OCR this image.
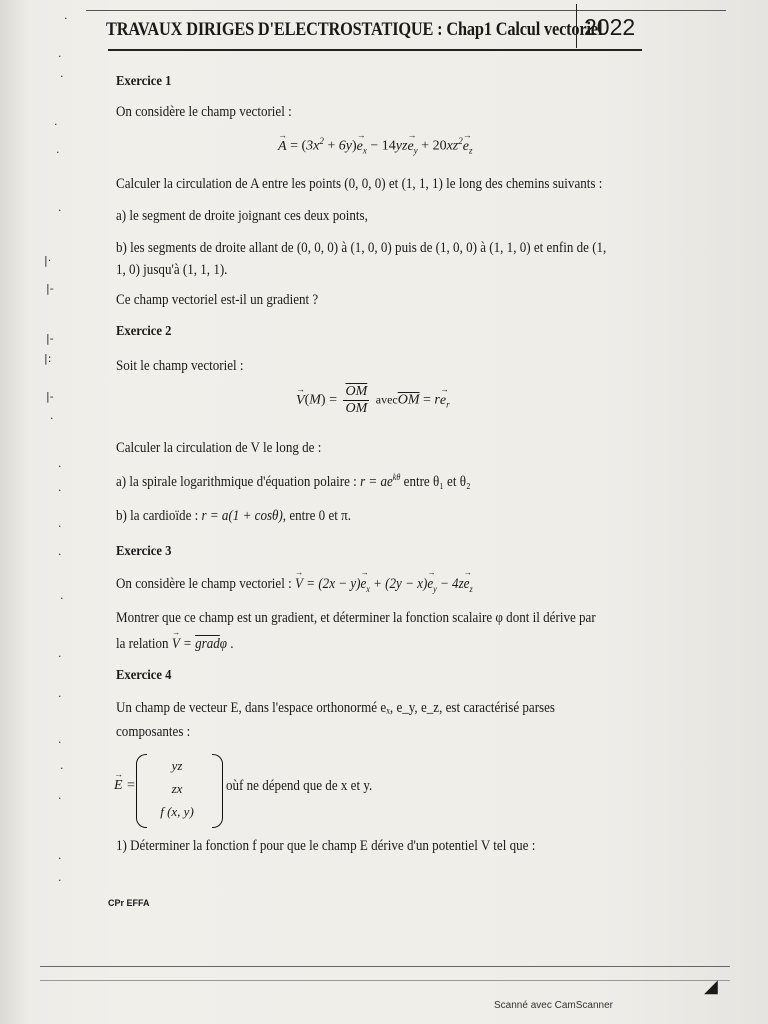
·
·
·
·
·
·
|·
|-
|-
|:
|-
·
·
·
·
·
·
·
·
·
·
·
·
·
TRAVAUX DIRIGES D'ELECTROSTATIQUE : Chap1 Calcul vectoriel
2022
Exercice 1
On considère le champ vectoriel :
→ $A = (3x^2 + 6y)\to e_x - 14yz\to e_y + 20xz^2\to e_z$
Calculer la circulation de A entre les points (0, 0, 0) et (1, 1, 1) le long des chemins suivants :
a) le segment de droite joignant ces deux points,
b) les segments de droite allant de (0, 0, 0) à (1, 0, 0) puis de (1, 0, 0) à (1, 1, 0) et enfin de (1,
1, 0) jusqu'à (1, 1, 1).
Ce champ vectoriel est-il un gradient ?
Exercice 2
Soit le champ vectoriel :
→ $V(M) = \frac{\overline{OM}}{OM}$ $avec\overline{OM} = r\to e_r$
Calculer la circulation de V le long de :
a) la spirale logarithmique d'équation polaire : $r = ae^{k\theta}$ entre θ₁ et θ₂
b) la cardioïde : r = a(1 + cosθ), entre 0 et π.
Exercice 3
On considère le champ vectoriel : → $V = (2x - y)\to e_x + (2y - x)\to e_y - 4z\to e_z$
Montrer que ce champ est un gradient, et déterminer la fonction scalaire φ dont il dérive par
la relation → V = gradφ .
Exercice 4
Un champ de vecteur E, dans l'espace orthonormé eₓ, e_y, e_z, est caractérisé parses
composantes :
→ E =
yz
zx
f (x, y)
oùf ne dépend que de x et y.
1) Déterminer la fonction f pour que le champ E dérive d'un potentiel V tel que :
CPr EFFA
◢
Scanné avec CamScanner
